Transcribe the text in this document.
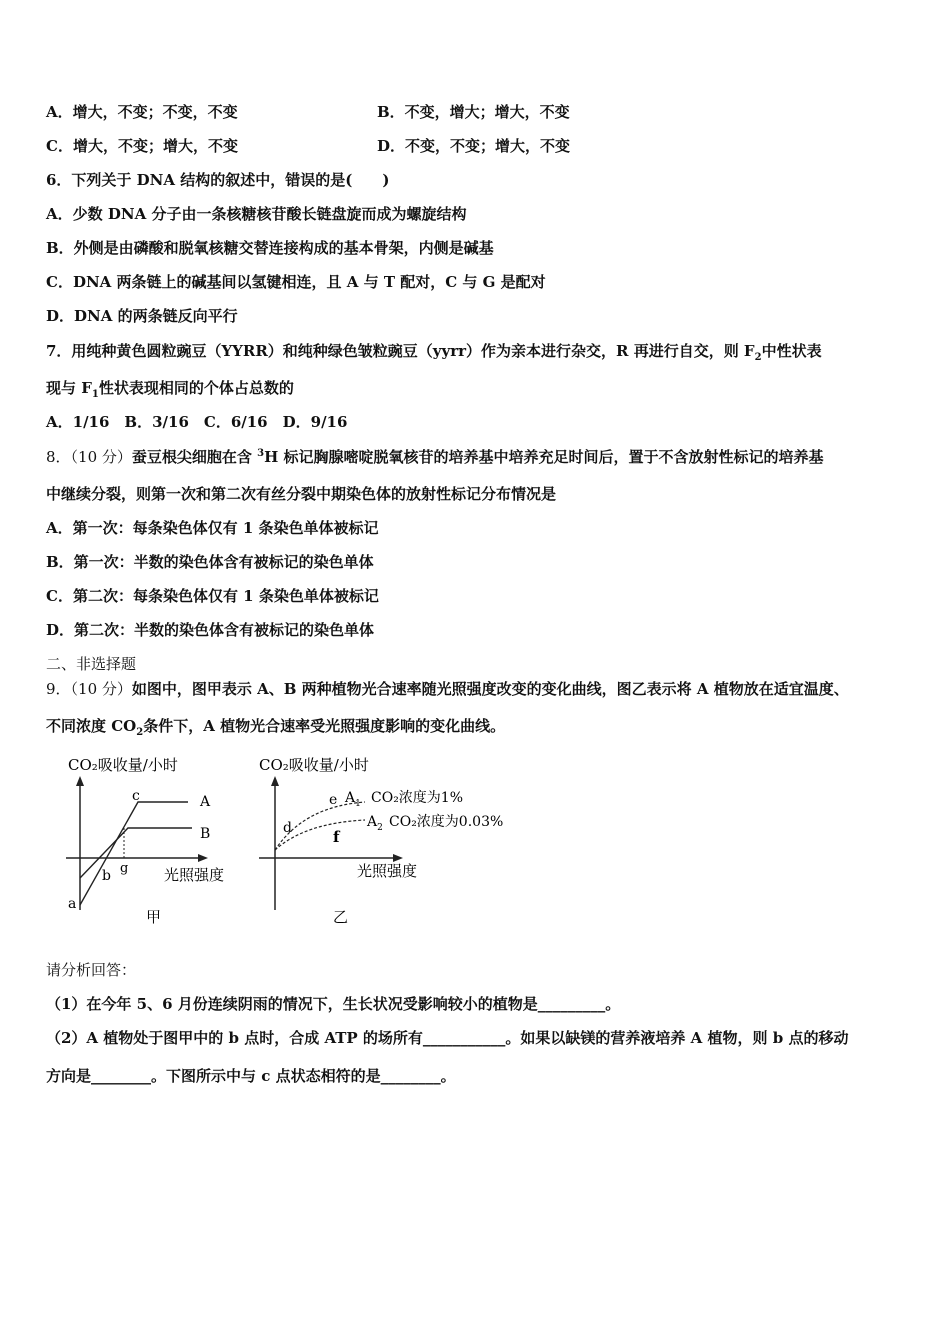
A．增大，不变；不变，不变	B．不变，增大；增大，不变
C．增大，不变；增大，不变	D．不变，不变；增大，不变
6．下列关于 DNA 结构的叙述中，错误的是(　　)
A．少数 DNA 分子由一条核糖核苷酸长链盘旋而成为螺旋结构
B．外侧是由磷酸和脱氧核糖交替连接构成的基本骨架，内侧是碱基
C．DNA 两条链上的碱基间以氢键相连，且 A 与 T 配对，C 与 G 是配对
D．DNA 的两条链反向平行
7．用纯种黄色圆粒豌豆（YYRR）和纯种绿色皱粒豌豆（yyrr）作为亲本进行杂交，R 再进行自交，则 $F_2$中性状表
现与 $F_1$性状表现相同的个体占总数的
A．1/16　B．3/16　C．6/16　D．9/16
8．（10 分）蚕豆根尖细胞在含 $^3$H 标记胸腺嘧啶脱氧核苷的培养基中培养充足时间后，置于不含放射性标记的培养基
中继续分裂，则第一次和第二次有丝分裂中期染色体的放射性标记分布情况是
A．第一次：每条染色体仅有 1 条染色单体被标记
B．第一次：半数的染色体含有被标记的染色单体
C．第二次：每条染色体仅有 1 条染色单体被标记
D．第二次：半数的染色体含有被标记的染色单体
二、非选择题
9．（10 分）如图中，图甲表示 A、B 两种植物光合速率随光照强度改变的变化曲线，图乙表示将 A 植物放在适宜温度、
不同浓度 $CO_2$条件下，A 植物光合速率受光照强度影响的变化曲线。
CO₂吸收量/小时
A
B
a
b
c
g 光照强度
甲
CO₂吸收量/小时
d
e
f
$A_1$ CO₂浓度为1%
$A_2$ CO₂浓度为0.03%
光照强度
乙
请分析回答：
（1）在今年 5、6 月份连续阴雨的情况下，生长状况受影响较小的植物是_________。
（2）A 植物处于图甲中的 b 点时，合成 ATP 的场所有___________。如果以缺镁的营养液培养 A 植物，则 b 点的移动
方向是________。下图所示中与 c 点状态相符的是________。
